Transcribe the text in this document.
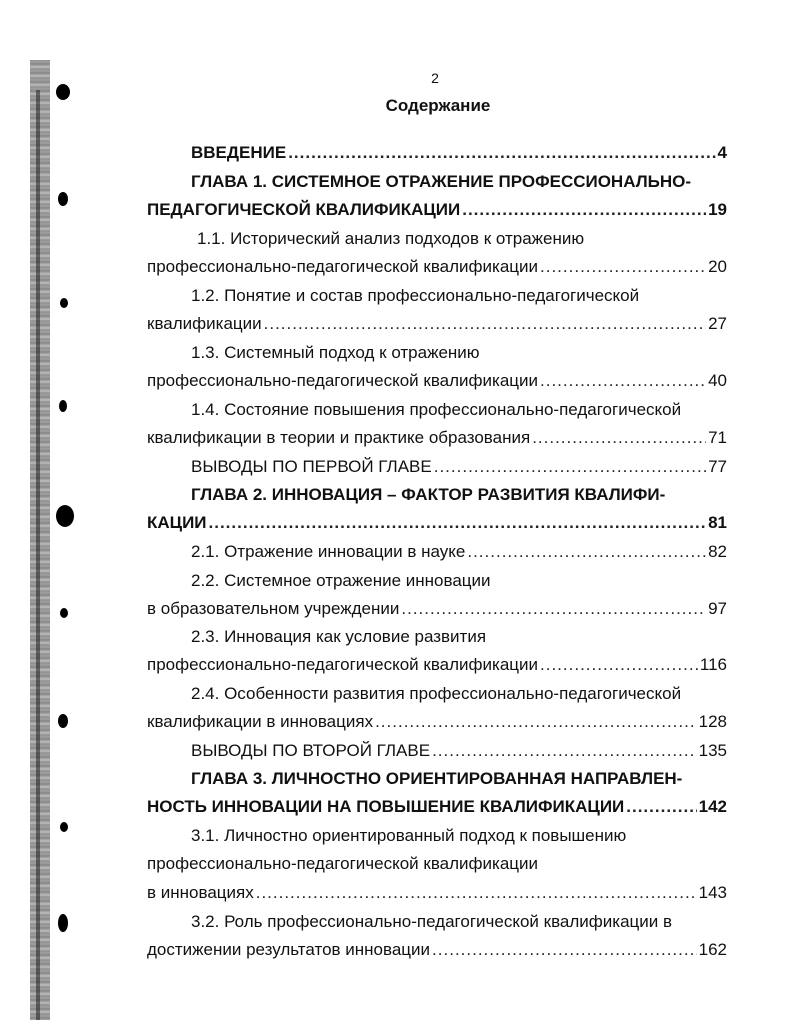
2
Содержание
ВВЕДЕНИЕ .....	4
ГЛАВА 1. СИСТЕМНОЕ ОТРАЖЕНИЕ ПРОФЕССИОНАЛЬНО-
ПЕДАГОГИЧЕСКОЙ КВАЛИФИКАЦИИ .....	19
1.1. Исторический анализ подходов к отражению
профессионально-педагогической квалификации .....	20
1.2. Понятие и состав профессионально-педагогической
квалификации .....	27
1.3. Системный подход к отражению
профессионально-педагогической квалификации .....	40
1.4. Состояние повышения профессионально-педагогической
квалификации в теории и практике образования .....	71
ВЫВОДЫ ПО ПЕРВОЙ ГЛАВЕ .....	77
ГЛАВА 2. ИННОВАЦИЯ – ФАКТОР РАЗВИТИЯ КВАЛИФИ-
КАЦИИ .....	81
2.1. Отражение инновации в науке .....	82
2.2. Системное отражение инновации
в образовательном учреждении .....	97
2.3. Инновация как условие развития
профессионально-педагогической квалификации .....	116
2.4. Особенности развития профессионально-педагогической
квалификации в инновациях .....	128
ВЫВОДЫ ПО ВТОРОЙ ГЛАВЕ .....	135
ГЛАВА 3. ЛИЧНОСТНО ОРИЕНТИРОВАННАЯ НАПРАВЛЕН-
НОСТЬ ИННОВАЦИИ НА ПОВЫШЕНИЕ КВАЛИФИКАЦИИ .....	142
3.1. Личностно ориентированный подход к повышению
профессионально-педагогической квалификации
в инновациях .....	143
3.2. Роль профессионально-педагогической квалификации в
достижении результатов инновации .....	162
